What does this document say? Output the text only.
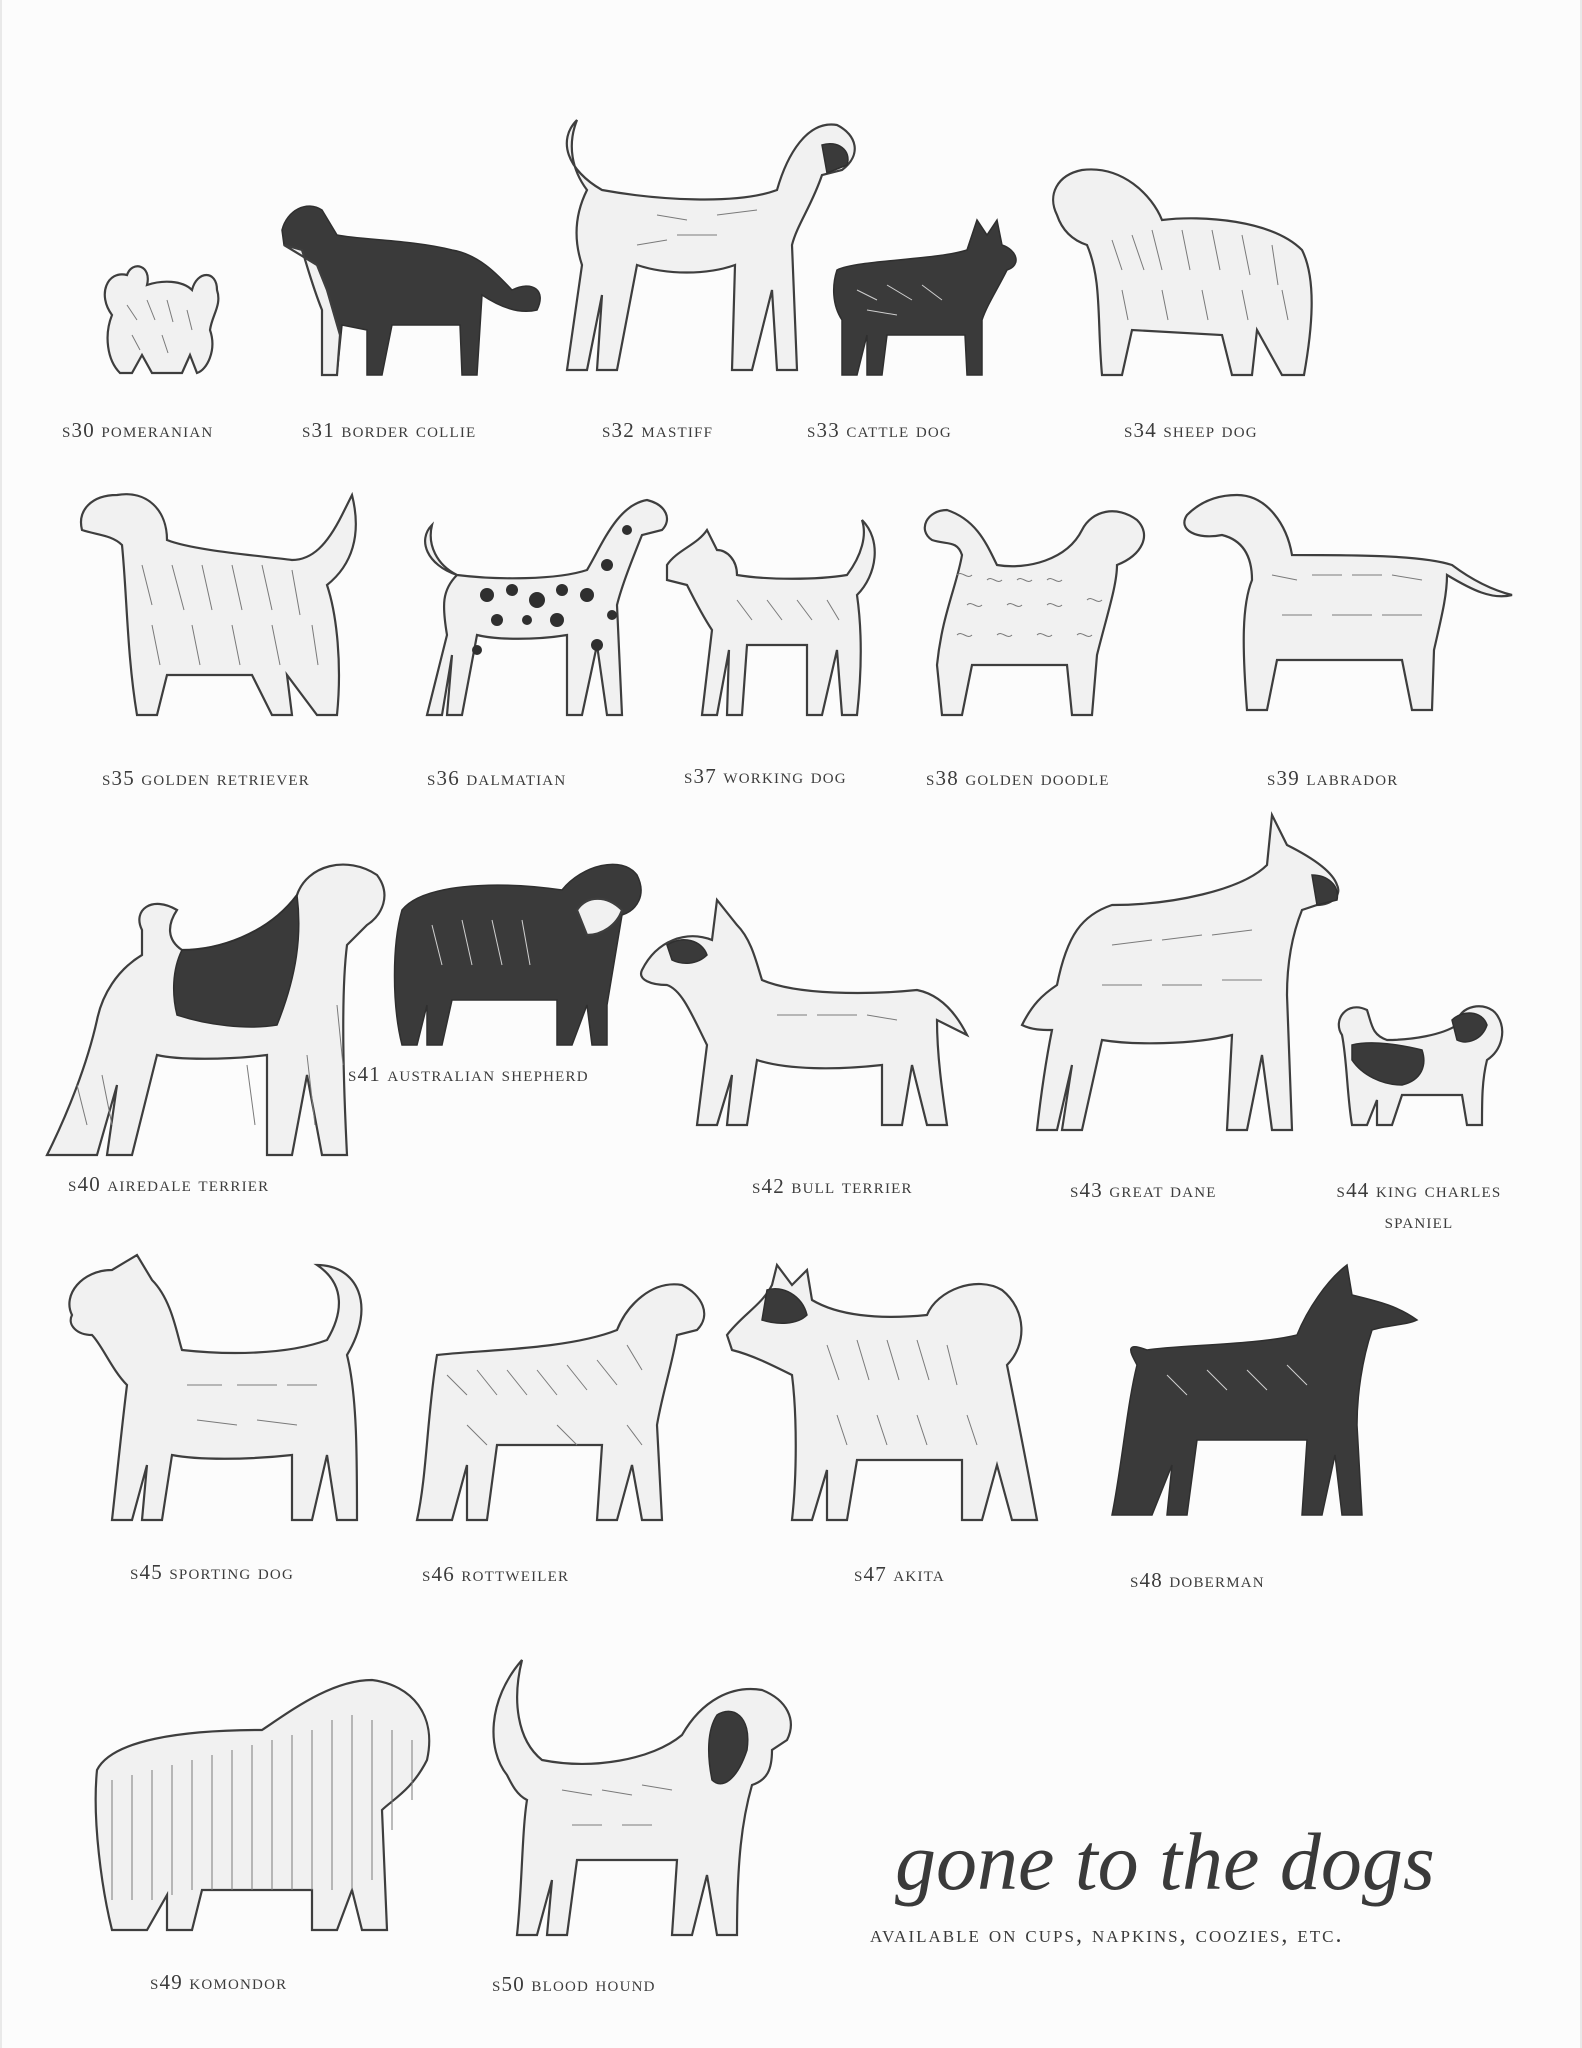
s30 pomeranian	s31 border collie	s32 mastiff	s33 cattle dog	s34 sheep dog
s35 golden retriever	s36 dalmatian	s37 working dog	s38 golden doodle	s39 labrador
s41 australian shepherd
s40 airedale terrier	s42 bull terrier	s43 great dane	s44 king charles
spaniel
s45 sporting dog	s46 rottweiler	s47 akita	s48 doberman
s49 komondor	s50 blood hound
gone to the dogs
available on cups, napkins, coozies, etc.
